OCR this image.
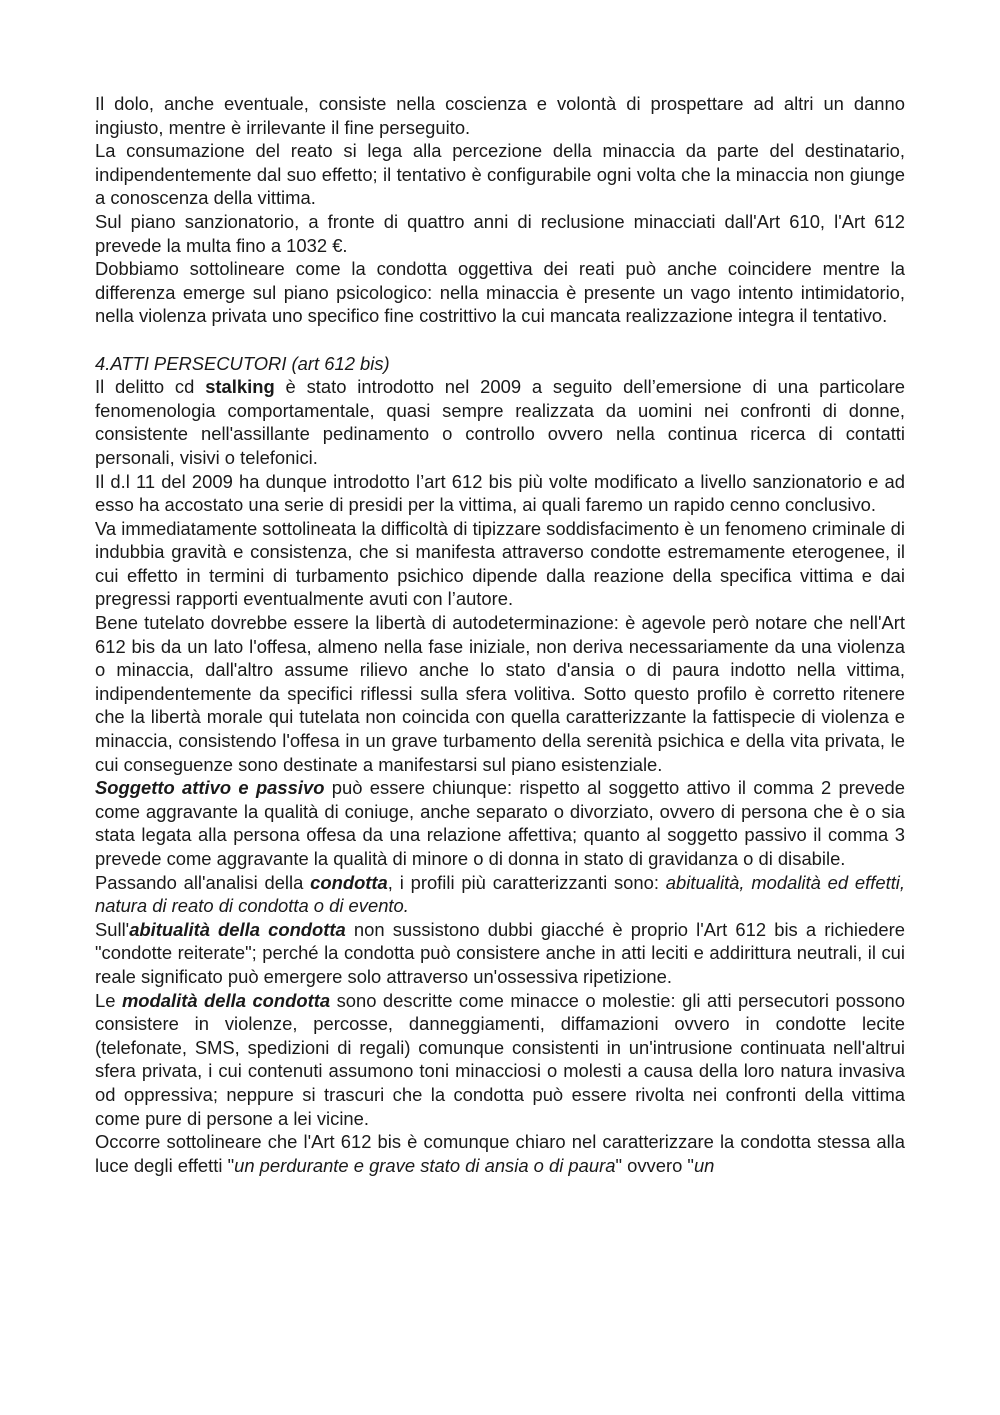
Il dolo, anche eventuale, consiste nella coscienza e volontà di prospettare ad altri un danno ingiusto, mentre è irrilevante il fine perseguito.

La consumazione del reato si lega alla percezione della minaccia da parte del destinatario, indipendentemente dal suo effetto; il tentativo è configurabile ogni volta che la minaccia non giunge a conoscenza della vittima.

Sul piano sanzionatorio, a fronte di quattro anni di reclusione minacciati dall'Art 610, l'Art 612 prevede la multa fino a 1032 €.

Dobbiamo sottolineare come la condotta oggettiva dei reati può anche coincidere mentre la differenza emerge sul piano psicologico: nella minaccia è presente un vago intento intimidatorio, nella violenza privata uno specifico fine costrittivo la cui mancata realizzazione integra il tentativo.

4.ATTI PERSECUTORI (art 612 bis)

Il delitto cd stalking è stato introdotto nel 2009 a seguito dell’emersione di una particolare fenomenologia comportamentale, quasi sempre realizzata da uomini nei confronti di donne, consistente nell'assillante pedinamento o controllo ovvero nella continua ricerca di contatti personali, visivi o telefonici.

Il d.l 11 del 2009 ha dunque introdotto l’art 612 bis più volte modificato a livello sanzionatorio e ad esso ha accostato una serie di presidi per la vittima, ai quali faremo un rapido cenno conclusivo.

Va immediatamente sottolineata la difficoltà di tipizzare soddisfacimento è un fenomeno criminale di indubbia gravità e consistenza, che si manifesta attraverso condotte estremamente eterogenee, il cui effetto in termini di turbamento psichico dipende dalla reazione della specifica vittima e dai pregressi rapporti eventualmente avuti con l’autore.

Bene tutelato dovrebbe essere la libertà di autodeterminazione: è agevole però notare che nell'Art 612 bis da un lato l'offesa, almeno nella fase iniziale, non deriva necessariamente da una violenza o minaccia, dall'altro assume rilievo anche lo stato d'ansia o di paura indotto nella vittima, indipendentemente da specifici riflessi sulla sfera volitiva. Sotto questo profilo è corretto ritenere che la libertà morale qui tutelata non coincida con quella caratterizzante la fattispecie di violenza e minaccia, consistendo l'offesa in un grave turbamento della serenità psichica e della vita privata, le cui conseguenze sono destinate a manifestarsi sul piano esistenziale.

Soggetto attivo e passivo può essere chiunque: rispetto al soggetto attivo il comma 2 prevede come aggravante la qualità di coniuge, anche separato o divorziato, ovvero di persona che è o sia stata legata alla persona offesa da una relazione affettiva; quanto al soggetto passivo il comma 3 prevede come aggravante la qualità di minore o di donna in stato di gravidanza o di disabile.

Passando all'analisi della condotta, i profili più caratterizzanti sono: abitualità, modalità ed effetti, natura di reato di condotta o di evento.

Sull'abitualità della condotta non sussistono dubbi giacché è proprio l'Art 612 bis a richiedere "condotte reiterate"; perché la condotta può consistere anche in atti leciti e addirittura neutrali, il cui reale significato può emergere solo attraverso un'ossessiva ripetizione.

Le modalità della condotta sono descritte come minacce o molestie: gli atti persecutori possono consistere in violenze, percosse, danneggiamenti, diffamazioni ovvero in condotte lecite (telefonate, SMS, spedizioni di regali) comunque consistenti in un'intrusione continuata nell'altrui sfera privata, i cui contenuti assumono toni minacciosi o molesti a causa della loro natura invasiva od oppressiva; neppure si trascuri che la condotta può essere rivolta nei confronti della vittima come pure di persone a lei vicine.

Occorre sottolineare che l'Art 612 bis è comunque chiaro nel caratterizzare la condotta stessa alla luce degli effetti "un perdurante e grave stato di ansia o di paura" ovvero "un
